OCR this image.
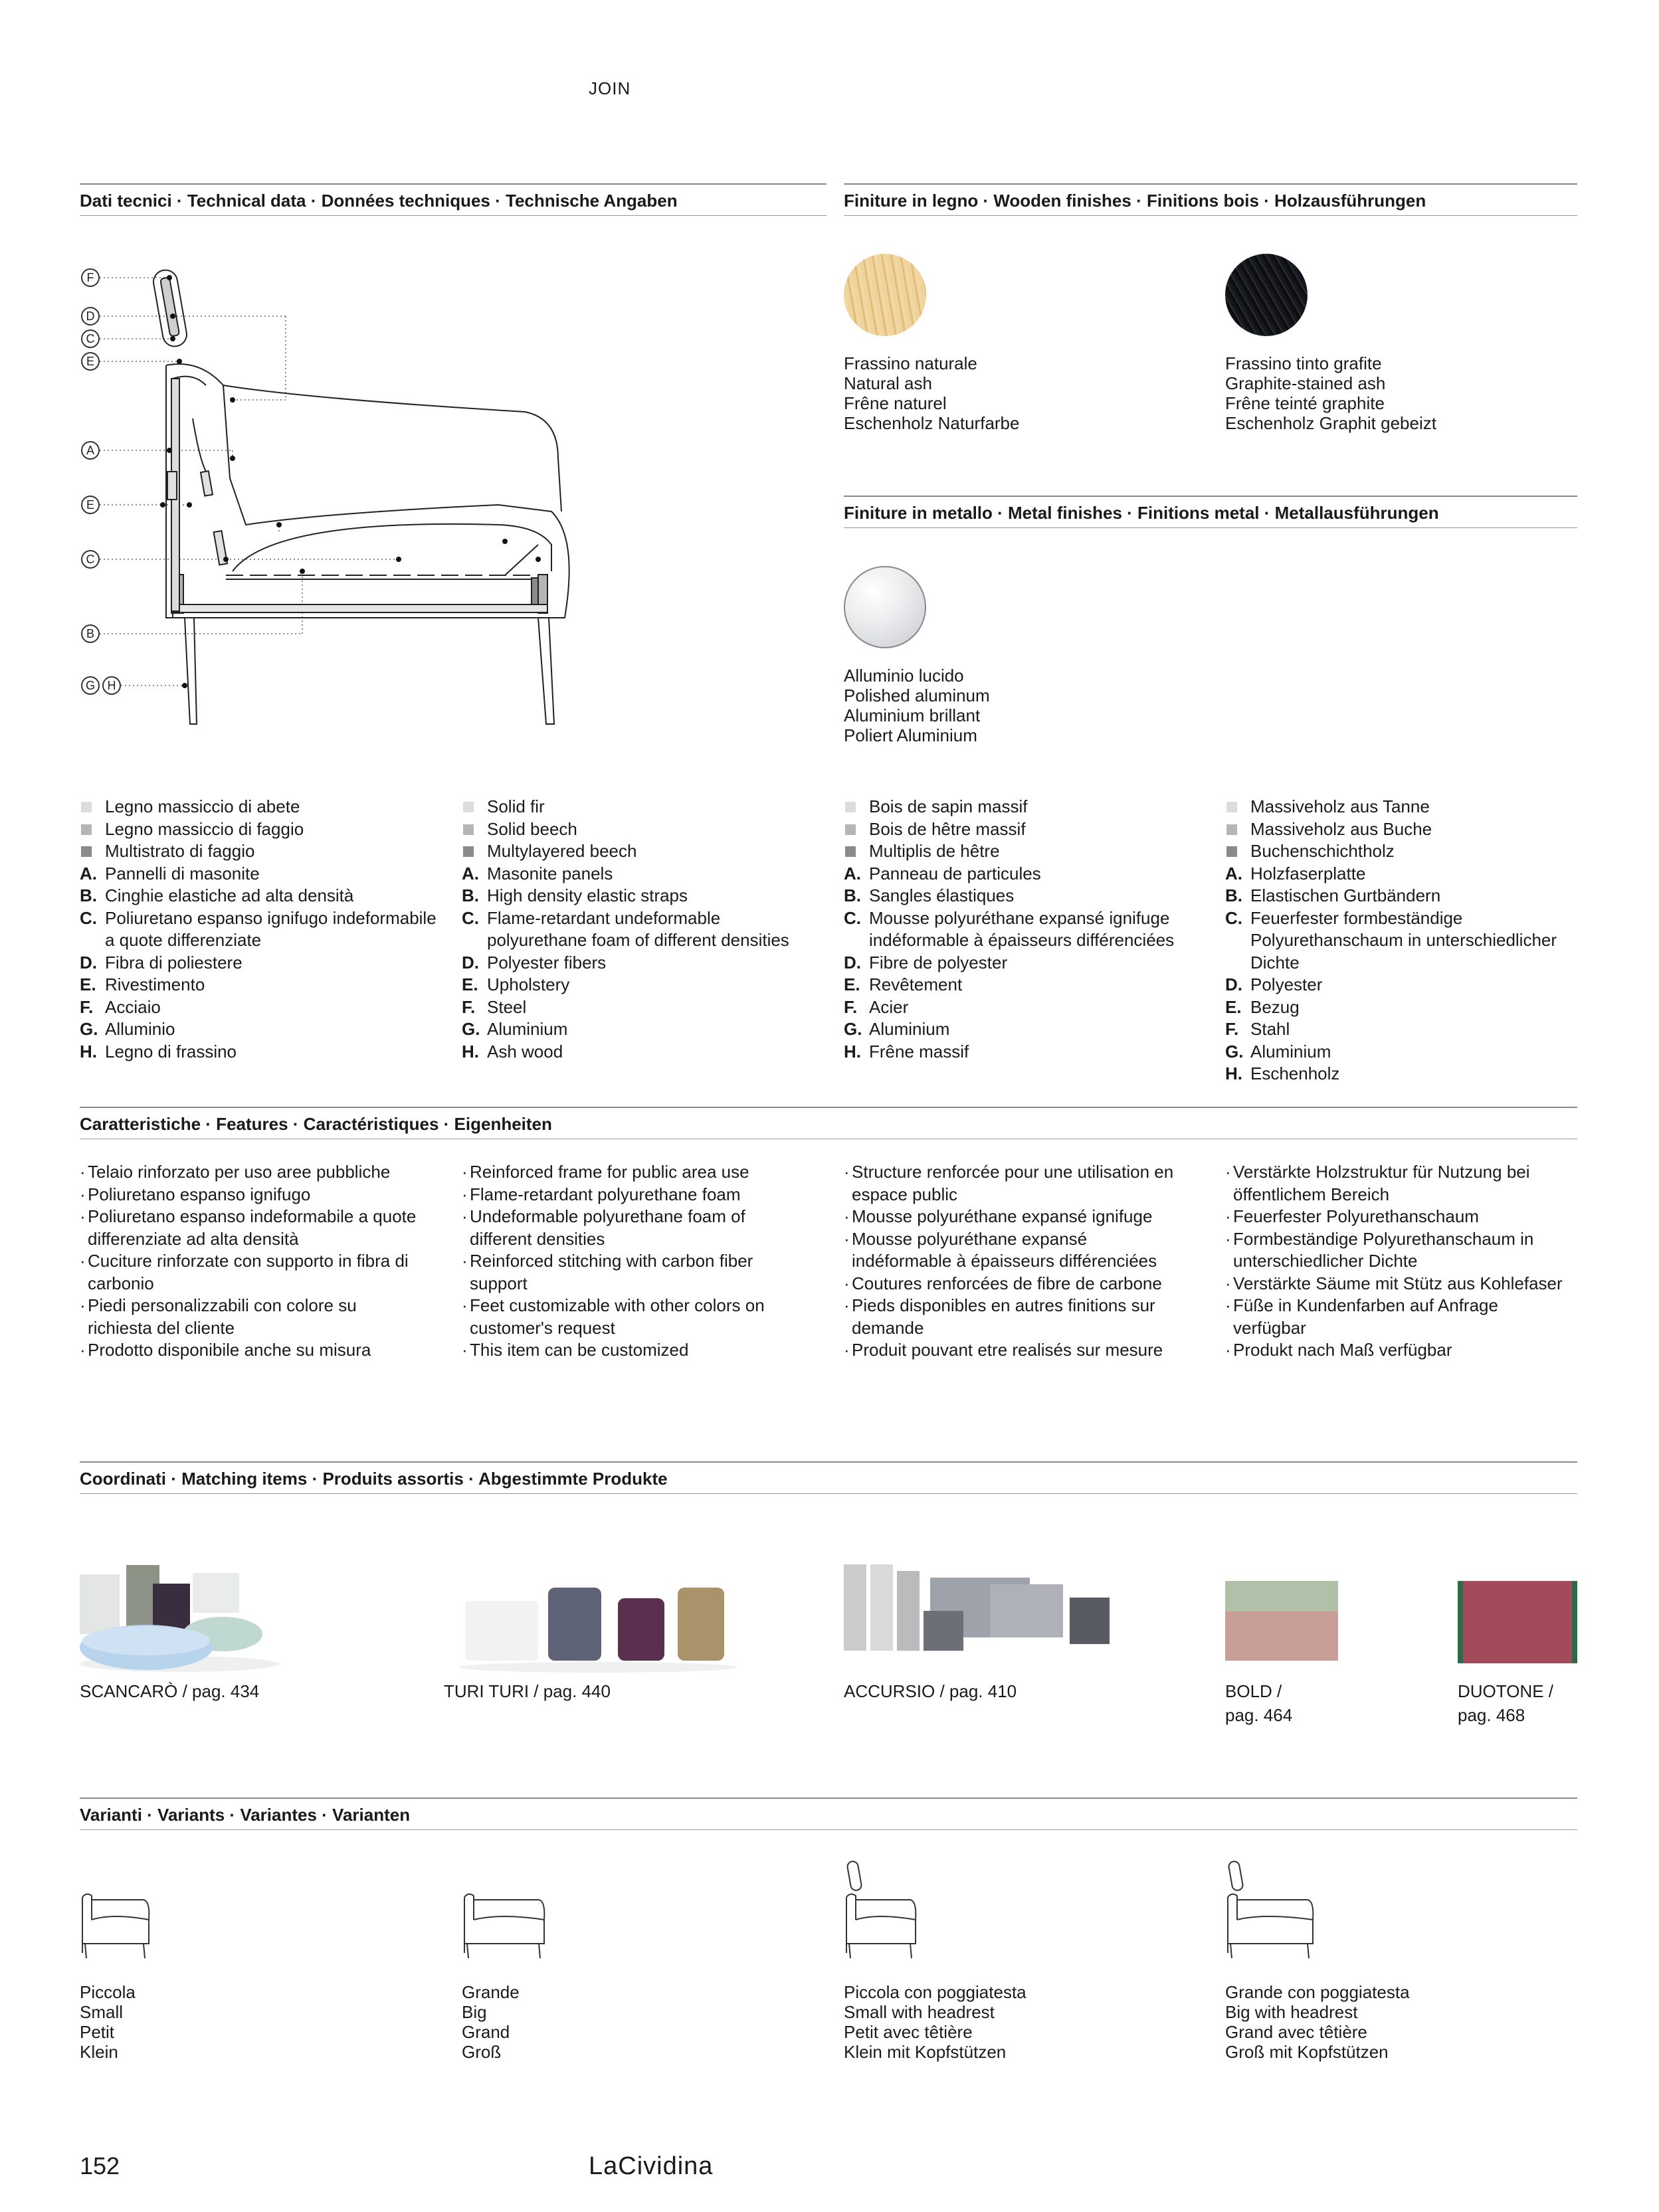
JOIN
Dati tecnici · Technical data · Données techniques · Technische Angaben	Finiture in legno · Wooden finishes · Finitions bois · Holzausführungen
F
D
C
E
A
E
C
B
G H
Frassino naturale
Natural ash
Frêne naturel
Eschenholz Naturfarbe
Frassino tinto grafite
Graphite-stained ash
Frêne teinté graphite
Eschenholz Graphit gebeizt
Finiture in metallo · Metal finishes · Finitions metal · Metallausführungen
Alluminio lucido
Polished aluminum
Aluminium brillant
Poliert Aluminium
Legno massiccio di abete
Legno massiccio di faggio
Multistrato di faggio
A. Pannelli di masonite
B. Cinghie elastiche ad alta densità
C. Poliuretano espanso ignifugo indeformabile a quote differenziate
D. Fibra di poliestere
E. Rivestimento
F. Acciaio
G. Alluminio
H. Legno di frassino
Solid fir
Solid beech
Multylayered beech
A. Masonite panels
B. High density elastic straps
C. Flame-retardant undeformable polyurethane foam of different densities
D. Polyester fibers
E. Upholstery
F. Steel
G. Aluminium
H. Ash wood
Bois de sapin massif
Bois de hêtre massif
Multiplis de hêtre
A. Panneau de particules
B. Sangles élastiques
C. Mousse polyuréthane expansé ignifuge indéformable à épaisseurs différenciées
D. Fibre de polyester
E. Revêtement
F. Acier
G. Aluminium
H. Frêne massif
Massiveholz aus Tanne
Massiveholz aus Buche
Buchenschichtholz
A. Holzfaserplatte
B. Elastischen Gurtbändern
C. Feuerfester formbeständige Polyurethanschaum in unterschiedlicher Dichte
D. Polyester
E. Bezug
F. Stahl
G. Aluminium
H. Eschenholz
Caratteristiche · Features · Caractéristiques · Eigenheiten
· Telaio rinforzato per uso aree pubbliche
· Poliuretano espanso ignifugo
· Poliuretano espanso indeformabile a quote differenziate ad alta densità
· Cuciture rinforzate con supporto in fibra di carbonio
· Piedi personalizzabili con colore su richiesta del cliente
· Prodotto disponibile anche su misura
· Reinforced frame for public area use
· Flame-retardant polyurethane foam
· Undeformable polyurethane foam of different densities
· Reinforced stitching with carbon fiber support
· Feet customizable with other colors on customer's request
· This item can be customized
· Structure renforcée pour une utilisation en espace public
· Mousse polyuréthane expansé ignifuge
· Mousse polyuréthane expansé indéformable à épaisseurs différenciées
· Coutures renforcées de fibre de carbone
· Pieds disponibles en autres finitions sur demande
· Produit pouvant etre realisés sur mesure
· Verstärkte Holzstruktur für Nutzung bei öffentlichem Bereich
· Feuerfester Polyurethanschaum
· Formbeständige Polyurethanschaum in unterschiedlicher Dichte
· Verstärkte Säume mit Stütz aus Kohlefaser
· Füße in Kundenfarben auf Anfrage verfügbar
· Produkt nach Maß verfügbar
Coordinati · Matching items · Produits assortis · Abgestimmte Produkte
SCANCARÒ / pag. 434	TURI TURI / pag. 440	ACCURSIO / pag. 410	BOLD /
pag. 464
DUOTONE /
pag. 468
Varianti · Variants · Variantes · Varianten
Piccola
Small
Petit
Klein
Grande
Big
Grand
Groß
Piccola con poggiatesta
Small with headrest
Petit avec têtière
Klein mit Kopfstützen
Grande con poggiatesta
Big with headrest
Grand avec têtière
Groß mit Kopfstützen
152	LaCividina
